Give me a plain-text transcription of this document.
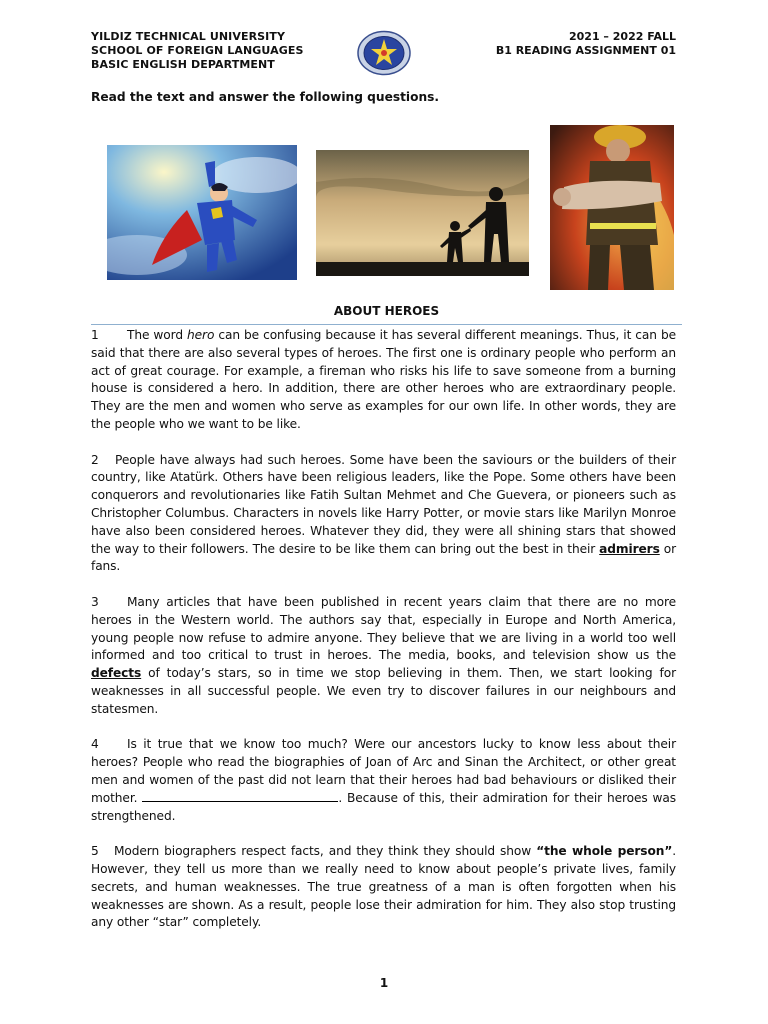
YILDIZ TECHNICAL UNIVERSITY
SCHOOL OF FOREIGN LANGUAGES
BASIC ENGLISH DEPARTMENT
2021 – 2022 FALL
B1 READING ASSIGNMENT 01
Read the text and answer the following questions.
ABOUT HEROES

1 The word hero can be confusing because it has several different meanings. Thus, it can be said that there are also several types of heroes. The first one is ordinary people who perform an act of great courage. For example, a fireman who risks his life to save someone from a burning house is considered a hero. In addition, there are other heroes who are extraordinary people. They are the men and women who serve as examples for our own life. In other words, they are the people who we want to be like.

2 People have always had such heroes. Some have been the saviours or the builders of their country, like Atatürk. Others have been religious leaders, like the Pope. Some others have been conquerors and revolutionaries like Fatih Sultan Mehmet and Che Guevera, or pioneers such as Christopher Columbus. Characters in novels like Harry Potter, or movie stars like Marilyn Monroe have also been considered heroes. Whatever they did, they were all shining stars that showed the way to their followers. The desire to be like them can bring out the best in their admirers or fans.

3 Many articles that have been published in recent years claim that there are no more heroes in the Western world. The authors say that, especially in Europe and North America, young people now refuse to admire anyone. They believe that we are living in a world too well informed and too critical to trust in heroes. The media, books, and television show us the defects of today’s stars, so in time we stop believing in them. Then, we start looking for weaknesses in all successful people. We even try to discover failures in our neighbours and statesmen.

4 Is it true that we know too much? Were our ancestors lucky to know less about their heroes? People who read the biographies of Joan of Arc and Sinan the Architect, or other great men and women of the past did not learn that their heroes had bad behaviours or disliked their mother.	. Because of this, their admiration for their heroes was strengthened.

5 Modern biographers respect facts, and they think they should show “the whole person”. However, they tell us more than we really need to know about people’s private lives, family secrets, and human weaknesses. The true greatness of a man is often forgotten when his weaknesses are shown. As a result, people lose their admiration for him. They also stop trusting any other “star” completely.

1
